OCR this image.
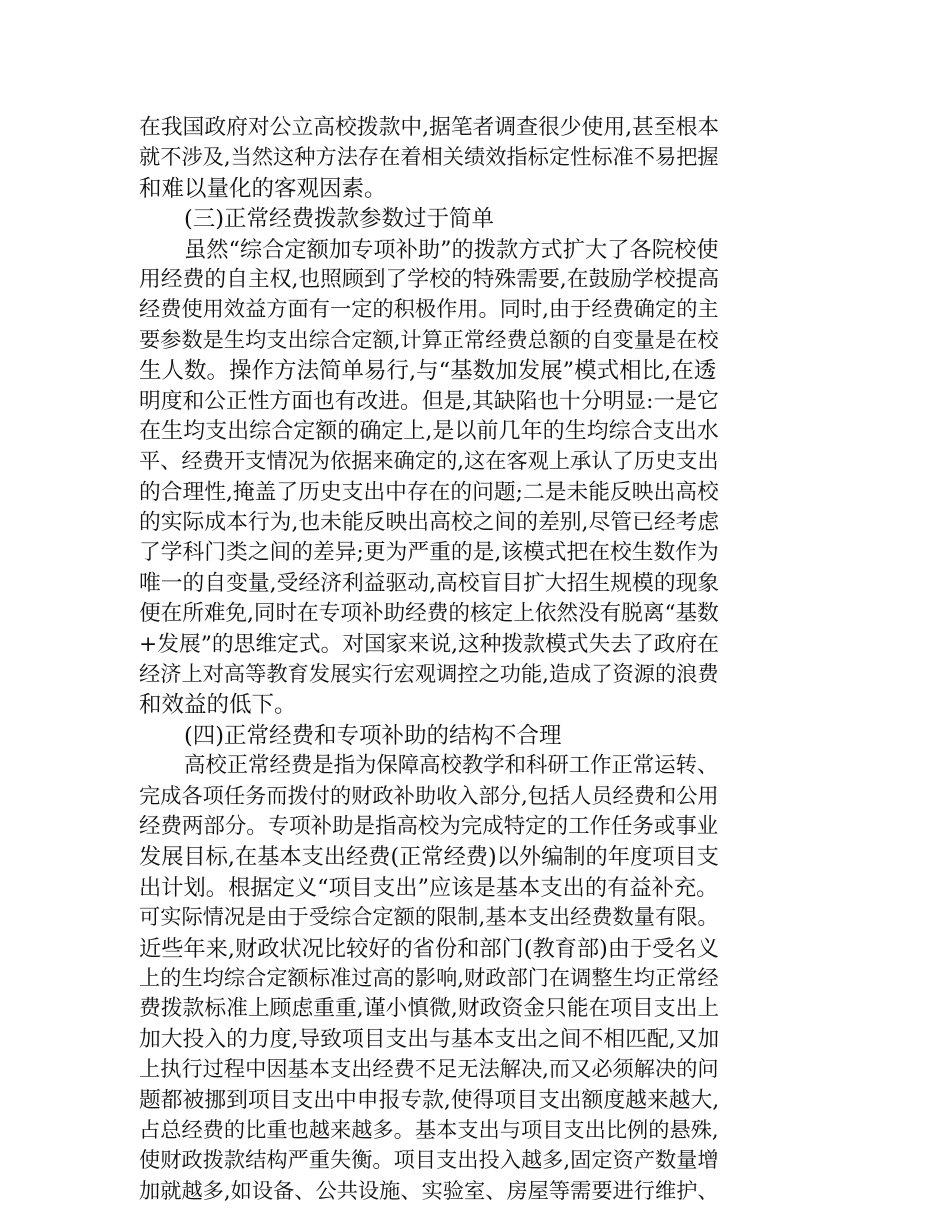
在我国政府对公立高校拨款中,据笔者调查很少使用,甚至根本
就不涉及,当然这种方法存在着相关绩效指标定性标准不易把握
和难以量化的客观因素。
(三)正常经费拨款参数过于简单
虽然“综合定额加专项补助”的拨款方式扩大了各院校使
用经费的自主权,也照顾到了学校的特殊需要,在鼓励学校提高
经费使用效益方面有一定的积极作用。同时,由于经费确定的主
要参数是生均支出综合定额,计算正常经费总额的自变量是在校
生人数。操作方法简单易行,与“基数加发展”模式相比,在透
明度和公正性方面也有改进。但是,其缺陷也十分明显:一是它
在生均支出综合定额的确定上,是以前几年的生均综合支出水
平、经费开支情况为依据来确定的,这在客观上承认了历史支出
的合理性,掩盖了历史支出中存在的问题;二是未能反映出高校
的实际成本行为,也未能反映出高校之间的差别,尽管已经考虑
了学科门类之间的差异;更为严重的是,该模式把在校生数作为
唯一的自变量,受经济利益驱动,高校盲目扩大招生规模的现象
便在所难免,同时在专项补助经费的核定上依然没有脱离“基数
+发展”的思维定式。对国家来说,这种拨款模式失去了政府在
经济上对高等教育发展实行宏观调控之功能,造成了资源的浪费
和效益的低下。
(四)正常经费和专项补助的结构不合理
高校正常经费是指为保障高校教学和科研工作正常运转、
完成各项任务而拨付的财政补助收入部分,包括人员经费和公用
经费两部分。专项补助是指高校为完成特定的工作任务或事业
发展目标,在基本支出经费(正常经费)以外编制的年度项目支
出计划。根据定义“项目支出”应该是基本支出的有益补充。
可实际情况是由于受综合定额的限制,基本支出经费数量有限。
近些年来,财政状况比较好的省份和部门(教育部)由于受名义
上的生均综合定额标准过高的影响,财政部门在调整生均正常经
费拨款标准上顾虑重重,谨小慎微,财政资金只能在项目支出上
加大投入的力度,导致项目支出与基本支出之间不相匹配,又加
上执行过程中因基本支出经费不足无法解决,而又必须解决的问
题都被挪到项目支出中申报专款,使得项目支出额度越来越大,
占总经费的比重也越来越多。基本支出与项目支出比例的悬殊,
使财政拨款结构严重失衡。项目支出投入越多,固定资产数量增
加就越多,如设备、公共设施、实验室、房屋等需要进行维护、
